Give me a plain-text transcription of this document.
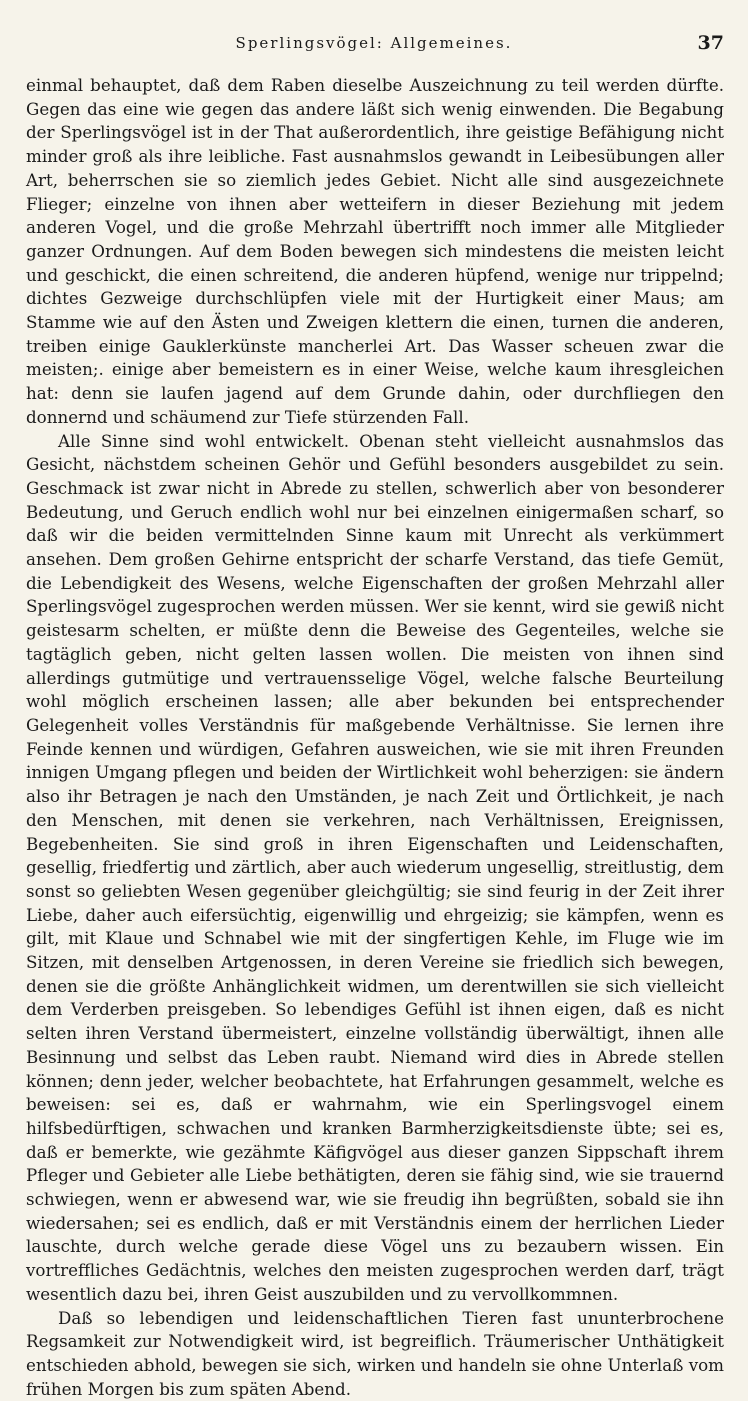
Sperlingsvögel: Allgemeines.	37

einmal behauptet, daß dem Raben dieselbe Auszeichnung zu teil werden dürfte. Gegen das eine wie gegen das andere läßt sich wenig einwenden. Die Begabung der Sperlingsvögel ist in der That außerordentlich, ihre geistige Befähigung nicht minder groß als ihre leibliche. Fast ausnahmslos gewandt in Leibesübungen aller Art, beherrschen sie so ziemlich jedes Gebiet. Nicht alle sind ausgezeichnete Flieger; einzelne von ihnen aber wetteifern in dieser Beziehung mit jedem anderen Vogel, und die große Mehrzahl übertrifft noch immer alle Mitglieder ganzer Ordnungen. Auf dem Boden bewegen sich mindestens die meisten leicht und geschickt, die einen schreitend, die anderen hüpfend, wenige nur trippelnd; dichtes Gezweige durchschlüpfen viele mit der Hurtigkeit einer Maus; am Stamme wie auf den Ästen und Zweigen klettern die einen, turnen die anderen, treiben einige Gauklerkünste mancherlei Art. Das Wasser scheuen zwar die meisten;. einige aber bemeistern es in einer Weise, welche kaum ihresgleichen hat: denn sie laufen jagend auf dem Grunde dahin, oder durchfliegen den donnernd und schäumend zur Tiefe stürzenden Fall.

Alle Sinne sind wohl entwickelt. Obenan steht vielleicht ausnahmslos das Gesicht, nächstdem scheinen Gehör und Gefühl besonders ausgebildet zu sein. Geschmack ist zwar nicht in Abrede zu stellen, schwerlich aber von besonderer Bedeutung, und Geruch endlich wohl nur bei einzelnen einigermaßen scharf, so daß wir die beiden vermittelnden Sinne kaum mit Unrecht als verkümmert ansehen. Dem großen Gehirne entspricht der scharfe Verstand, das tiefe Gemüt, die Lebendigkeit des Wesens, welche Eigenschaften der großen Mehrzahl aller Sperlingsvögel zugesprochen werden müssen. Wer sie kennt, wird sie gewiß nicht geistesarm schelten, er müßte denn die Beweise des Gegenteiles, welche sie tagtäglich geben, nicht gelten lassen wollen. Die meisten von ihnen sind allerdings gutmütige und vertrauensselige Vögel, welche falsche Beurteilung wohl möglich erscheinen lassen; alle aber bekunden bei entsprechender Gelegenheit volles Verständnis für maßgebende Verhältnisse. Sie lernen ihre Feinde kennen und würdigen, Gefahren ausweichen, wie sie mit ihren Freunden innigen Umgang pflegen und beiden der Wirtlichkeit wohl beherzigen: sie ändern also ihr Betragen je nach den Umständen, je nach Zeit und Örtlichkeit, je nach den Menschen, mit denen sie verkehren, nach Verhältnissen, Ereignissen, Begebenheiten. Sie sind groß in ihren Eigenschaften und Leidenschaften, gesellig, friedfertig und zärtlich, aber auch wiederum ungesellig, streitlustig, dem sonst so geliebten Wesen gegenüber gleichgültig; sie sind feurig in der Zeit ihrer Liebe, daher auch eifersüchtig, eigenwillig und ehrgeizig; sie kämpfen, wenn es gilt, mit Klaue und Schnabel wie mit der singfertigen Kehle, im Fluge wie im Sitzen, mit denselben Artgenossen, in deren Vereine sie friedlich sich bewegen, denen sie die größte Anhänglichkeit widmen, um derentwillen sie sich vielleicht dem Verderben preisgeben. So lebendiges Gefühl ist ihnen eigen, daß es nicht selten ihren Verstand übermeistert, einzelne vollständig überwältigt, ihnen alle Besinnung und selbst das Leben raubt. Niemand wird dies in Abrede stellen können; denn jeder, welcher beobachtete, hat Erfahrungen gesammelt, welche es beweisen: sei es, daß er wahrnahm, wie ein Sperlingsvogel einem hilfsbedürftigen, schwachen und kranken Barmherzigkeitsdienste übte; sei es, daß er bemerkte, wie gezähmte Käfigvögel aus dieser ganzen Sippschaft ihrem Pfleger und Gebieter alle Liebe bethätigten, deren sie fähig sind, wie sie trauernd schwiegen, wenn er abwesend war, wie sie freudig ihn begrüßten, sobald sie ihn wiedersahen; sei es endlich, daß er mit Verständnis einem der herrlichen Lieder lauschte, durch welche gerade diese Vögel uns zu bezaubern wissen. Ein vortreffliches Gedächtnis, welches den meisten zugesprochen werden darf, trägt wesentlich dazu bei, ihren Geist auszubilden und zu vervollkommnen.

Daß so lebendigen und leidenschaftlichen Tieren fast ununterbrochene Regsamkeit zur Notwendigkeit wird, ist begreiflich. Träumerischer Unthätigkeit entschieden abhold, bewegen sie sich, wirken und handeln sie ohne Unterlaß vom frühen Morgen bis zum späten Abend.
